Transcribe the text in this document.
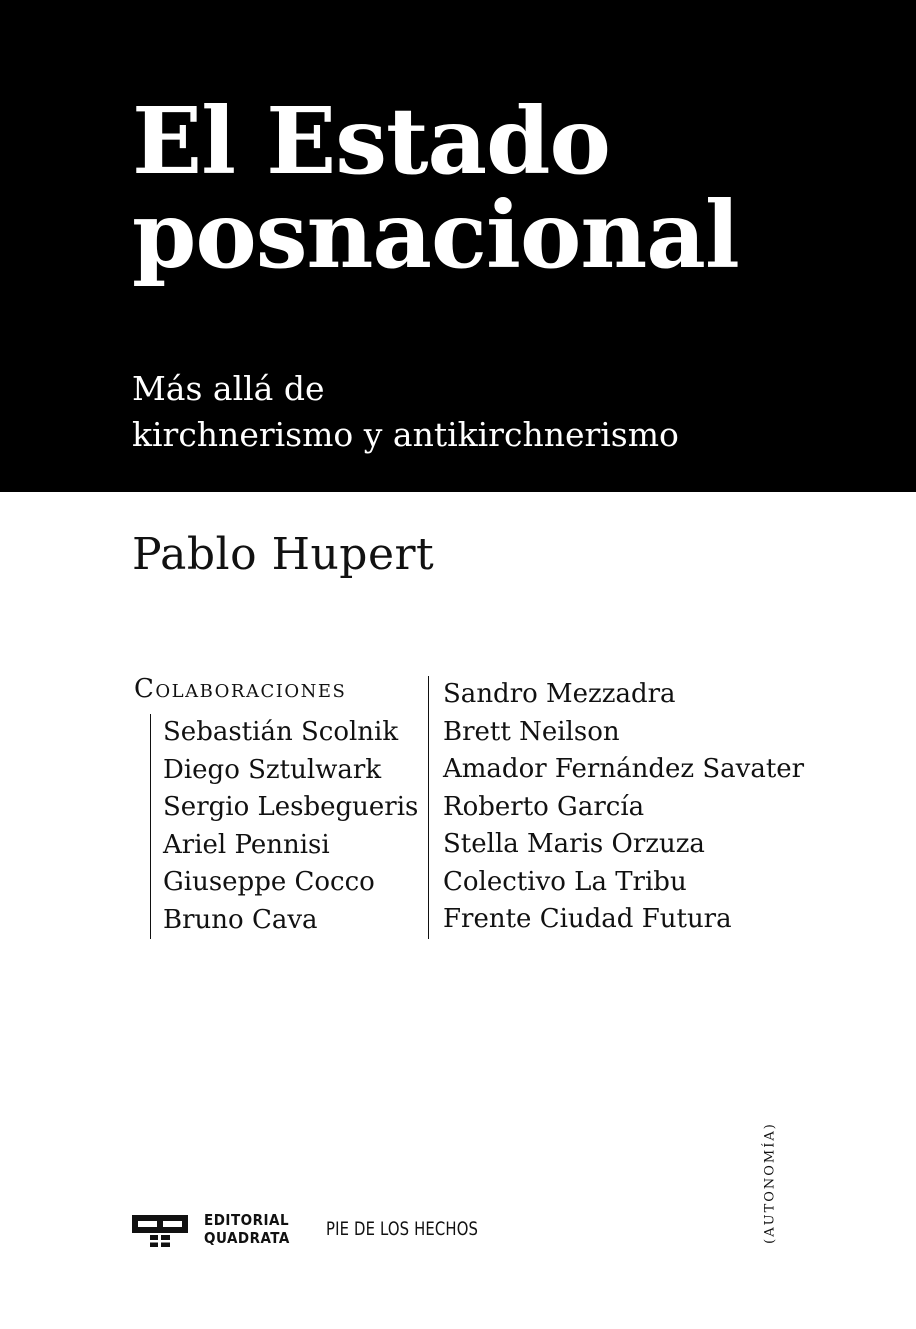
El Estado
posnacional

Más allá de
kirchnerismo y antikirchnerismo

Pablo Hupert
Colaboraciones
Sebastián Scolnik
Diego Sztulwark
Sergio Lesbegueris
Ariel Pennisi
Giuseppe Cocco
Bruno Cava
Sandro Mezzadra
Brett Neilson
Amador Fernández Savater
Roberto García
Stella Maris Orzuza
Colectivo La Tribu
Frente Ciudad Futura
(AUTONOMÍA)
EDITORIAL
QUADRATA PIE DE LOS HECHOS
